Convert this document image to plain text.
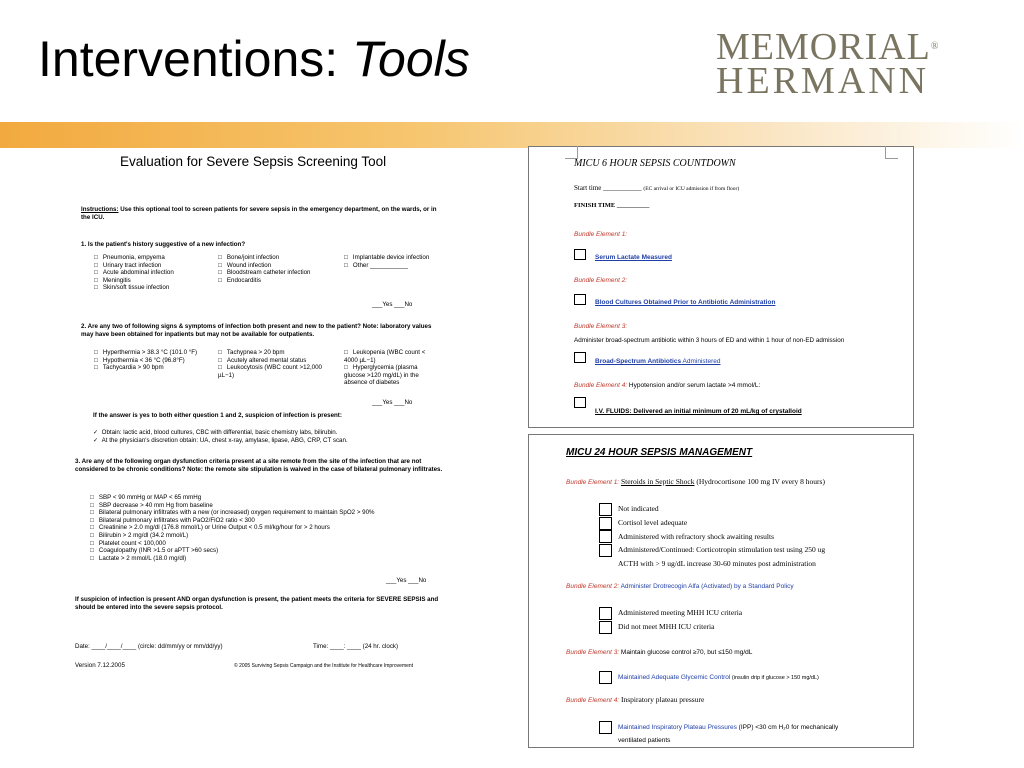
Interventions: Tools	MEMORIAL®
HERMANN
Evaluation for Severe Sepsis Screening Tool
Instructions: Use this optional tool to screen patients for severe sepsis in the emergency department, on the wards, or in the ICU.
1. Is the patient's history suggestive of a new infection?
□   Pneumonia, empyema
□   Urinary tract infection
□   Acute abdominal infection
□   Meningitis
□   Skin/soft tissue infection
□   Bone/joint infection
□   Wound infection
□   Bloodstream catheter infection
□   Endocarditis
□   Implantable device infection
□   Other ___________
___Yes ___No
2. Are any two of following signs & symptoms of infection both present and new to the patient? Note: laboratory values may have been obtained for inpatients but may not be available for outpatients.
□   Hyperthermia > 38.3 °C (101.0 °F)
□   Hypothermia < 36 °C (96.8°F)
□   Tachycardia > 90 bpm
□   Tachypnea > 20 bpm
□   Acutely altered mental status
□   Leukocytosis (WBC count >12,000 µL−1)
□   Leukopenia (WBC count < 4000 µL−1)
□   Hyperglycemia (plasma glucose >120 mg/dL) in the absence of diabetes
___Yes ___No
If the answer is yes to both either question 1 and 2, suspicion of infection is present:
✓  Obtain: lactic acid, blood cultures, CBC with differential, basic chemistry labs, bilirubin.
✓  At the physician's discretion obtain: UA, chest x-ray, amylase, lipase, ABG, CRP, CT scan.
3. Are any of the following organ dysfunction criteria present at a site remote from the site of the infection that are not considered to be chronic conditions? Note: the remote site stipulation is waived in the case of bilateral pulmonary infiltrates.
□   SBP < 90 mmHg or MAP < 65 mmHg
□   SBP decrease > 40 mm Hg from baseline
□   Bilateral pulmonary infiltrates with a new (or increased) oxygen requirement to maintain SpO2 > 90%
□   Bilateral pulmonary infiltrates with PaO2/FiO2 ratio < 300
□   Creatinine > 2.0 mg/dl (176.8 mmol/L) or Urine Output < 0.5 ml/kg/hour for > 2 hours
□   Bilirubin > 2 mg/dl (34.2 mmol/L)
□   Platelet count < 100,000
□   Coagulopathy (INR >1.5 or aPTT >60 secs)
□   Lactate > 2 mmol/L (18.0 mg/dl)
___Yes ___No
If suspicion of infection is present AND organ dysfunction is present, the patient meets the criteria for SEVERE SEPSIS and should be entered into the severe sepsis protocol.
Date: ____/____/____ (circle: dd/mm/yy or mm/dd/yy)	Time: ____: ____ (24 hr. clock)
Version 7.12.2005	© 2005 Surviving Sepsis Campaign and the Institute for Healthcare Improvement
MICU 6 HOUR SEPSIS COUNTDOWN
Start time ___________ (EC arrival or ICU admission if from floor)
FINISH TIME __________
Bundle Element 1:
Serum Lactate Measured
Bundle Element 2:
Blood Cultures Obtained Prior to Antibiotic Administration
Bundle Element 3:
Administer broad-spectrum antibiotic within 3 hours of ED and within 1 hour of non-ED admission
Broad-Spectrum Antibiotics Administered
Bundle Element 4: Hypotension and/or serum lactate >4 mmol/L:
I.V. FLUIDS: Delivered an initial minimum of 20 mL/kg of crystalloid
MICU 24 HOUR SEPSIS MANAGEMENT
Bundle Element 1: Steroids in Septic Shock (Hydrocortisone 100 mg IV every 8 hours)
Not indicated
Cortisol level adequate
Administered with refractory shock awaiting results
Administered/Continued: Corticotropin stimulation test using 250 ug
ACTH with > 9 ug/dL increase 30-60 minutes post administration
Bundle Element 2: Administer Drotrecogin Alfa (Activated) by a Standard Policy
Administered meeting MHH ICU criteria
Did not meet MHH ICU criteria
Bundle Element 3: Maintain glucose control ≥70, but ≤150 mg/dL
Maintained Adequate Glycemic Control (insulin drip if glucose > 150 mg/dL)
Bundle Element 4: Inspiratory plateau pressure
Maintained Inspiratory Plateau Pressures (IPP) <30 cm H₂0 for mechanically
ventilated patients
